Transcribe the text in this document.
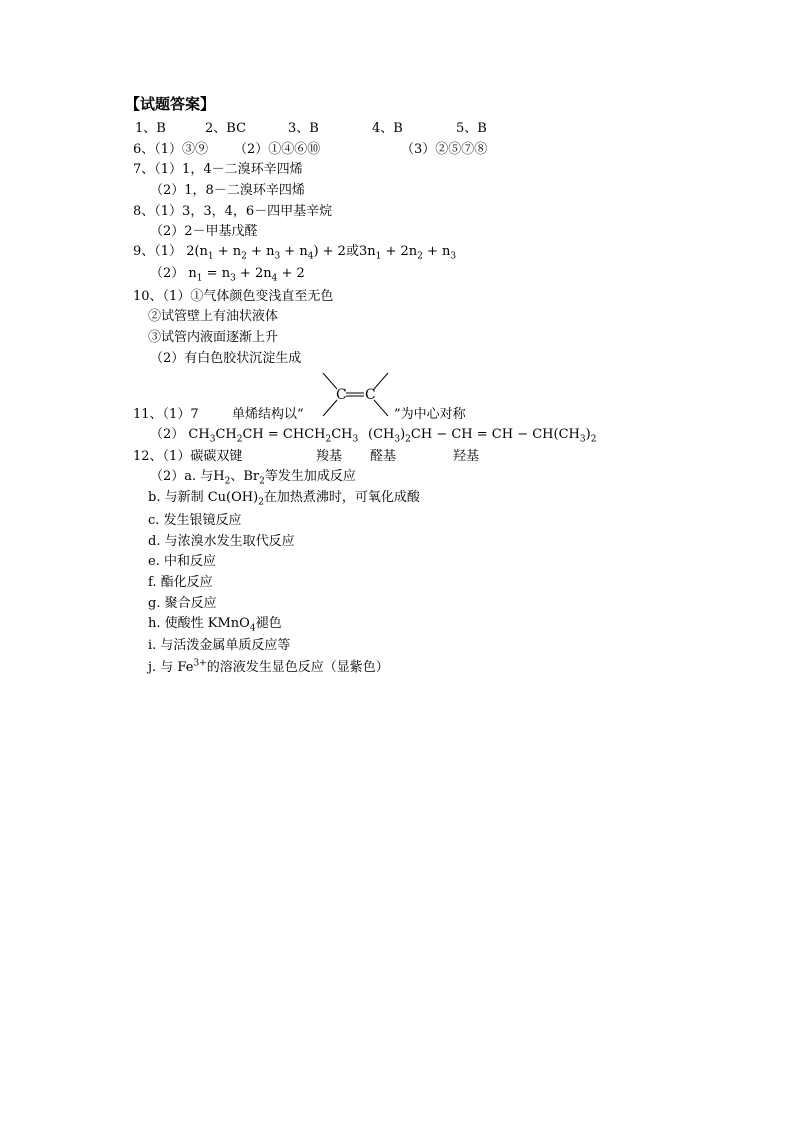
【试题答案】
1、B	2、BC	3、B	4、B	5、B
6、（1）③⑨ （2）①④⑥⑩	（3）②⑤⑦⑧
7、（1）1，4－二溴环辛四烯
（2）1，8－二溴环辛四烯
8、（1）3，3，4，6－四甲基辛烷
（2）2－甲基戊醛
9、（1） $2(n_1 + n_2 + n_3 + n_4) + 2$或$3n_1 + 2n_2 + n_3$
（2） $n_1 = n_3 + 2n_4 + 2$
10、（1）①气体颜色变浅直至无色
②试管壁上有油状液体
③试管内液面逐渐上升
（2）有白色胶状沉淀生成
C C
11、（1）7	单烯结构以“	”为中心对称
（2） $CH_3CH_2CH$ = $CHCH_2CH_3$ $(CH_3)_2CH$ − CH = CH − $CH(CH_3)_2$
12、（1）碳碳双键	羧基 醛基	羟基
（2）a. 与$H_2$、$Br_2$等发生加成反应
b. 与新制 $Cu(OH)_2$在加热煮沸时，可氧化成酸
c. 发生银镜反应
d. 与浓溴水发生取代反应
e. 中和反应
f. 酯化反应
g. 聚合反应
h. 使酸性 KMnO$_4$褪色
i. 与活泼金属单质反应等
j. 与 $Fe^{3+}$的溶液发生显色反应（显紫色）
